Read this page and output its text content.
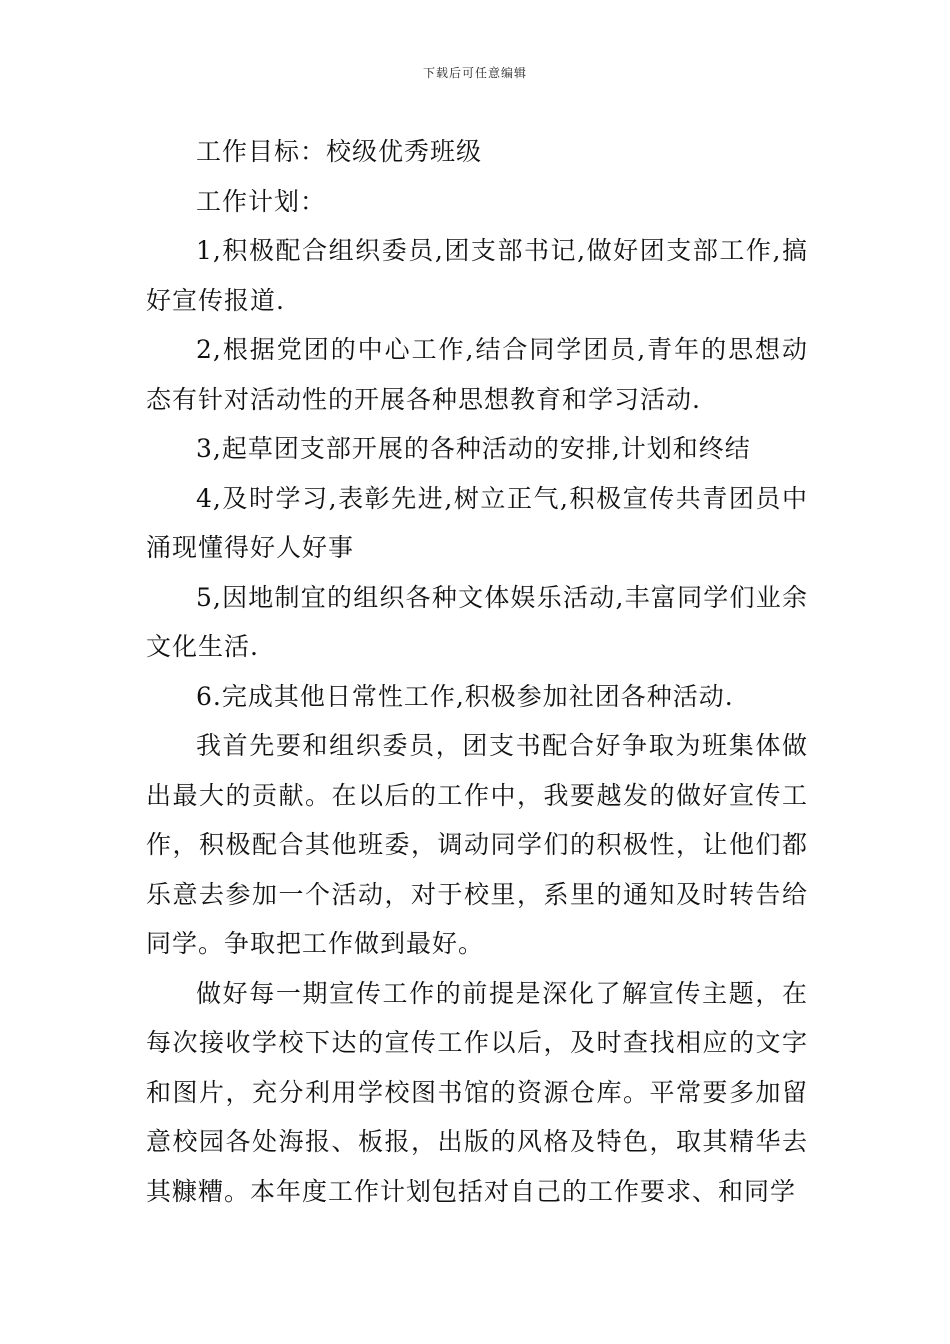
下载后可任意编辑

工作目标：校级优秀班级

工作计划：

1,积极配合组织委员,团支部书记,做好团支部工作,搞好宣传报道.

2,根据党团的中心工作,结合同学团员,青年的思想动态有针对活动性的开展各种思想教育和学习活动.

3,起草团支部开展的各种活动的安排,计划和终结

4,及时学习,表彰先进,树立正气,积极宣传共青团员中涌现懂得好人好事

5,因地制宜的组织各种文体娱乐活动,丰富同学们业余文化生活.

6.完成其他日常性工作,积极参加社团各种活动.

我首先要和组织委员，团支书配合好争取为班集体做出最大的贡献。在以后的工作中，我要越发的做好宣传工作，积极配合其他班委，调动同学们的积极性，让他们都乐意去参加一个活动，对于校里，系里的通知及时转告给同学。争取把工作做到最好。

做好每一期宣传工作的前提是深化了解宣传主题，在每次接收学校下达的宣传工作以后，及时查找相应的文字和图片，充分利用学校图书馆的资源仓库。平常要多加留意校园各处海报、板报，出版的风格及特色，取其精华去其糠糟。本年度工作计划包括对自己的工作要求、和同学
